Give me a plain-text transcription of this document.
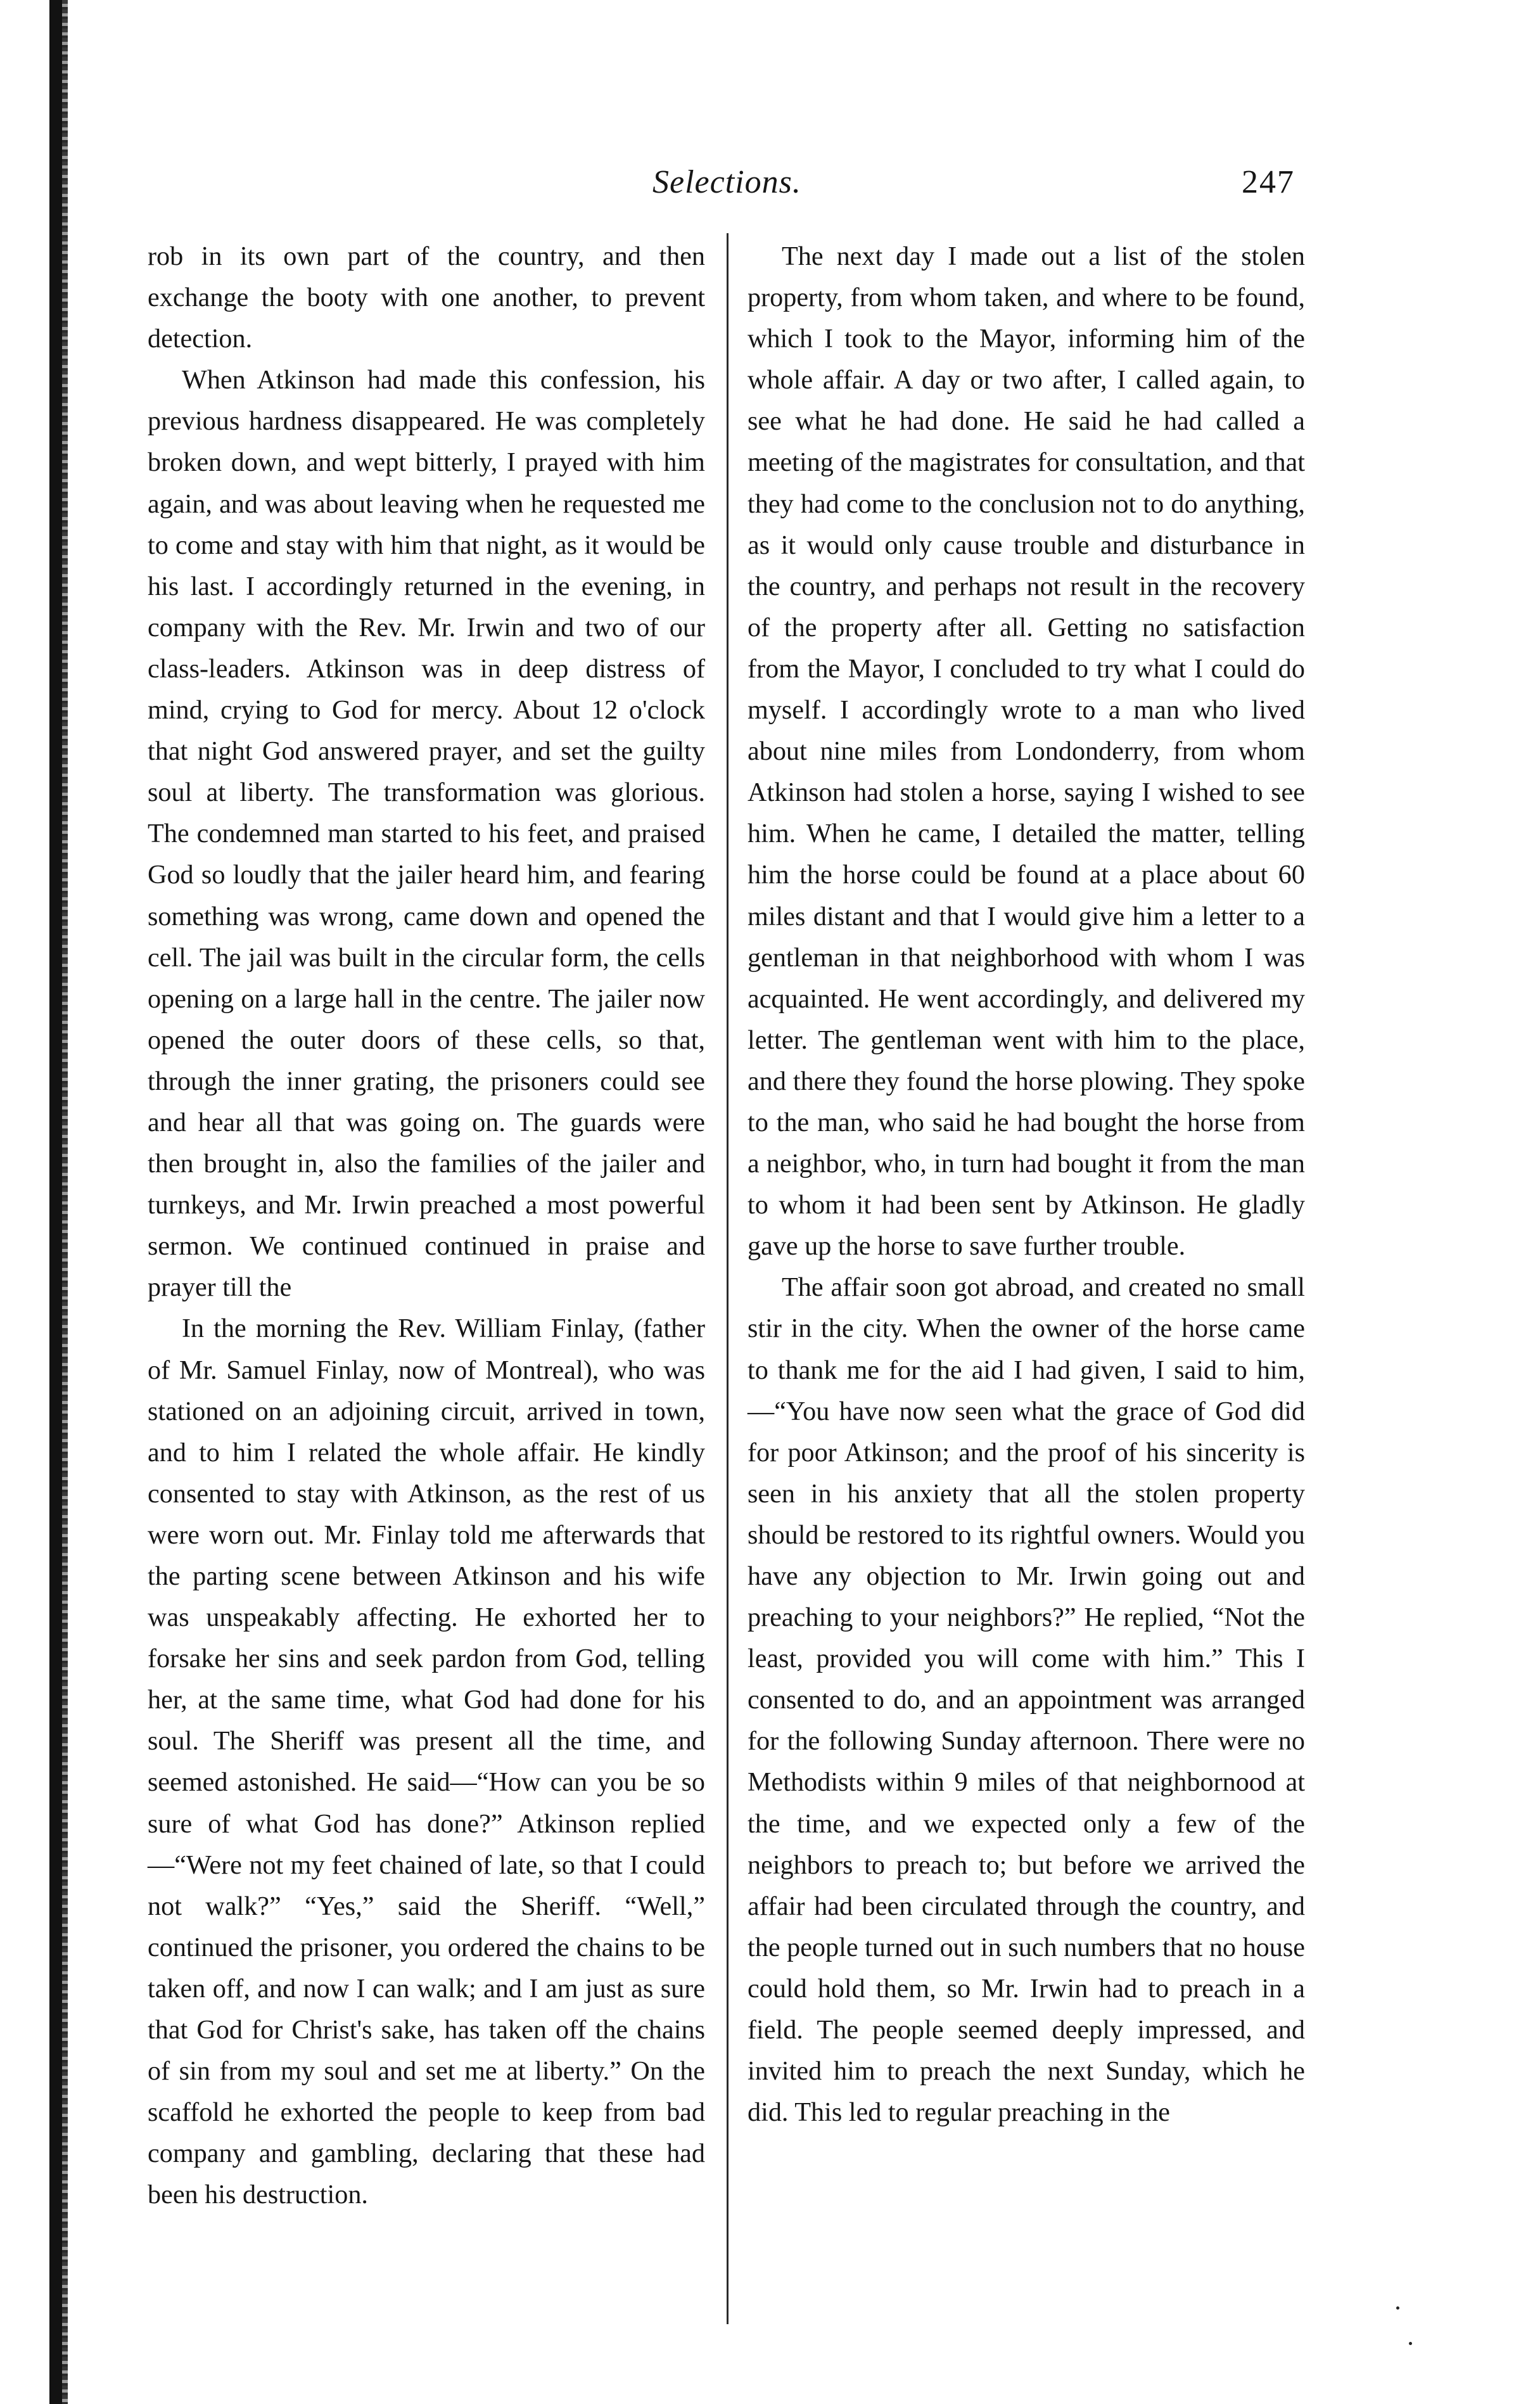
Selections.	247

rob in its own part of the country, and then exchange the booty with one another, to prevent detection.

When Atkinson had made this confession, his previous hardness disappeared. He was completely broken down, and wept bitterly, I prayed with him again, and was about leaving when he requested me to come and stay with him that night, as it would be his last. I accordingly returned in the evening, in company with the Rev. Mr. Irwin and two of our class-leaders. Atkinson was in deep distress of mind, crying to God for mercy. About 12 o'clock that night God answered prayer, and set the guilty soul at liberty. The transformation was glorious. The condemned man started to his feet, and praised God so loudly that the jailer heard him, and fearing something was wrong, came down and opened the cell. The jail was built in the circular form, the cells opening on a large hall in the centre. The jailer now opened the outer doors of these cells, so that, through the inner grating, the prisoners could see and hear all that was going on. The guards were then brought in, also the families of the jailer and turnkeys, and Mr. Irwin preached a most powerful sermon. We continued continued in praise and prayer till the

In the morning the Rev. William Finlay, (father of Mr. Samuel Finlay, now of Montreal), who was stationed on an adjoining circuit, arrived in town, and to him I related the whole affair. He kindly consented to stay with Atkinson, as the rest of us were worn out. Mr. Finlay told me afterwards that the parting scene between Atkinson and his wife was unspeakably affecting. He exhorted her to forsake her sins and seek pardon from God, telling her, at the same time, what God had done for his soul. The Sheriff was present all the time, and seemed astonished. He said—“How can you be so sure of what God has done?” Atkinson replied—“Were not my feet chained of late, so that I could not walk?” “Yes,” said the Sheriff. “Well,” continued the prisoner, you ordered the chains to be taken off, and now I can walk; and I am just as sure that God for Christ's sake, has taken off the chains of sin from my soul and set me at liberty.” On the scaffold he exhorted the people to keep from bad company and gambling, declaring that these had been his destruction.

The next day I made out a list of the stolen property, from whom taken, and where to be found, which I took to the Mayor, informing him of the whole affair. A day or two after, I called again, to see what he had done. He said he had called a meeting of the magistrates for consultation, and that they had come to the conclusion not to do anything, as it would only cause trouble and disturbance in the country, and perhaps not result in the recovery of the property after all. Getting no satisfaction from the Mayor, I concluded to try what I could do myself. I accordingly wrote to a man who lived about nine miles from Londonderry, from whom Atkinson had stolen a horse, saying I wished to see him. When he came, I detailed the matter, telling him the horse could be found at a place about 60 miles distant and that I would give him a letter to a gentleman in that neighborhood with whom I was acquainted. He went accordingly, and delivered my letter. The gentleman went with him to the place, and there they found the horse plowing. They spoke to the man, who said he had bought the horse from a neighbor, who, in turn had bought it from the man to whom it had been sent by Atkinson. He gladly gave up the horse to save further trouble.

The affair soon got abroad, and created no small stir in the city. When the owner of the horse came to thank me for the aid I had given, I said to him,—“You have now seen what the grace of God did for poor Atkinson; and the proof of his sincerity is seen in his anxiety that all the stolen property should be restored to its rightful owners. Would you have any objection to Mr. Irwin going out and preaching to your neighbors?” He replied, “Not the least, provided you will come with him.” This I consented to do, and an appointment was arranged for the following Sunday afternoon. There were no Methodists within 9 miles of that neighbornood at the time, and we expected only a few of the neighbors to preach to; but before we arrived the affair had been circulated through the country, and the people turned out in such numbers that no house could hold them, so Mr. Irwin had to preach in a field. The people seemed deeply impressed, and invited him to preach the next Sunday, which he did. This led to regular preaching in the
